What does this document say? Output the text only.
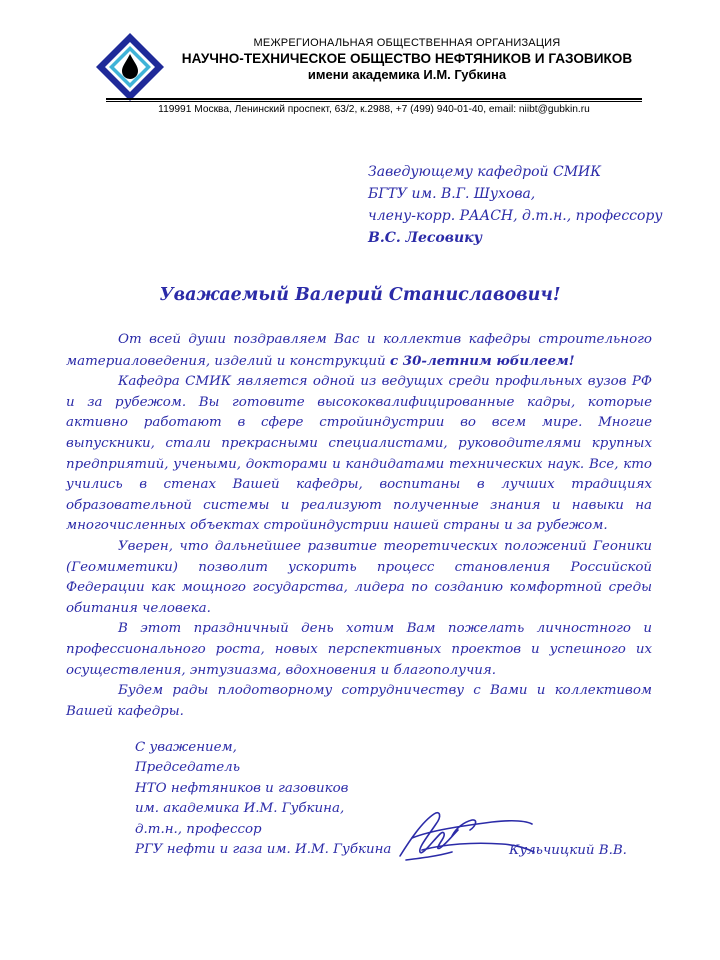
МЕЖРЕГИОНАЛЬНАЯ ОБЩЕСТВЕННАЯ ОРГАНИЗАЦИЯ
НАУЧНО-ТЕХНИЧЕСКОЕ ОБЩЕСТВО НЕФТЯНИКОВ И ГАЗОВИКОВ
имени академика И.М. Губкина
119991 Москва, Ленинский проспект, 63/2, к.2988, +7 (499) 940-01-40, email: niibt@gubkin.ru
Заведующему кафедрой СМИК
БГТУ им. В.Г. Шухова,
члену-корр. РААСН, д.т.н., профессору
В.С. Лесовику
Уважаемый Валерий Станиславович!

От всей души поздравляем Вас и коллектив кафедры строительного материаловедения, изделий и конструкций с 30-летним юбилеем!

Кафедра СМИК является одной из ведущих среди профильных вузов РФ и за рубежом. Вы готовите высококвалифицированные кадры, которые активно работают в сфере стройиндустрии во всем мире. Многие выпускники, стали прекрасными специалистами, руководителями крупных предприятий, учеными, докторами и кандидатами технических наук. Все, кто учились в стенах Вашей кафедры, воспитаны в лучших традициях образовательной системы и реализуют полученные знания и навыки на многочисленных объектах стройиндустрии нашей страны и за рубежом.

Уверен, что дальнейшее развитие теоретических положений Геоники (Геомиметики) позволит ускорить процесс становления Российской Федерации как мощного государства, лидера по созданию комфортной среды обитания человека.

В этот праздничный день хотим Вам пожелать личностного и профессионального роста, новых перспективных проектов и успешного их осуществления, энтузиазма, вдохновения и благополучия.

Будем рады плодотворному сотрудничеству с Вами и коллективом Вашей кафедры.

С уважением,
Председатель
НТО нефтяников и газовиков
им. академика И.М. Губкина,
д.т.н., профессор
РГУ нефти и газа им. И.М. Губкина	Кульчицкий В.В.
